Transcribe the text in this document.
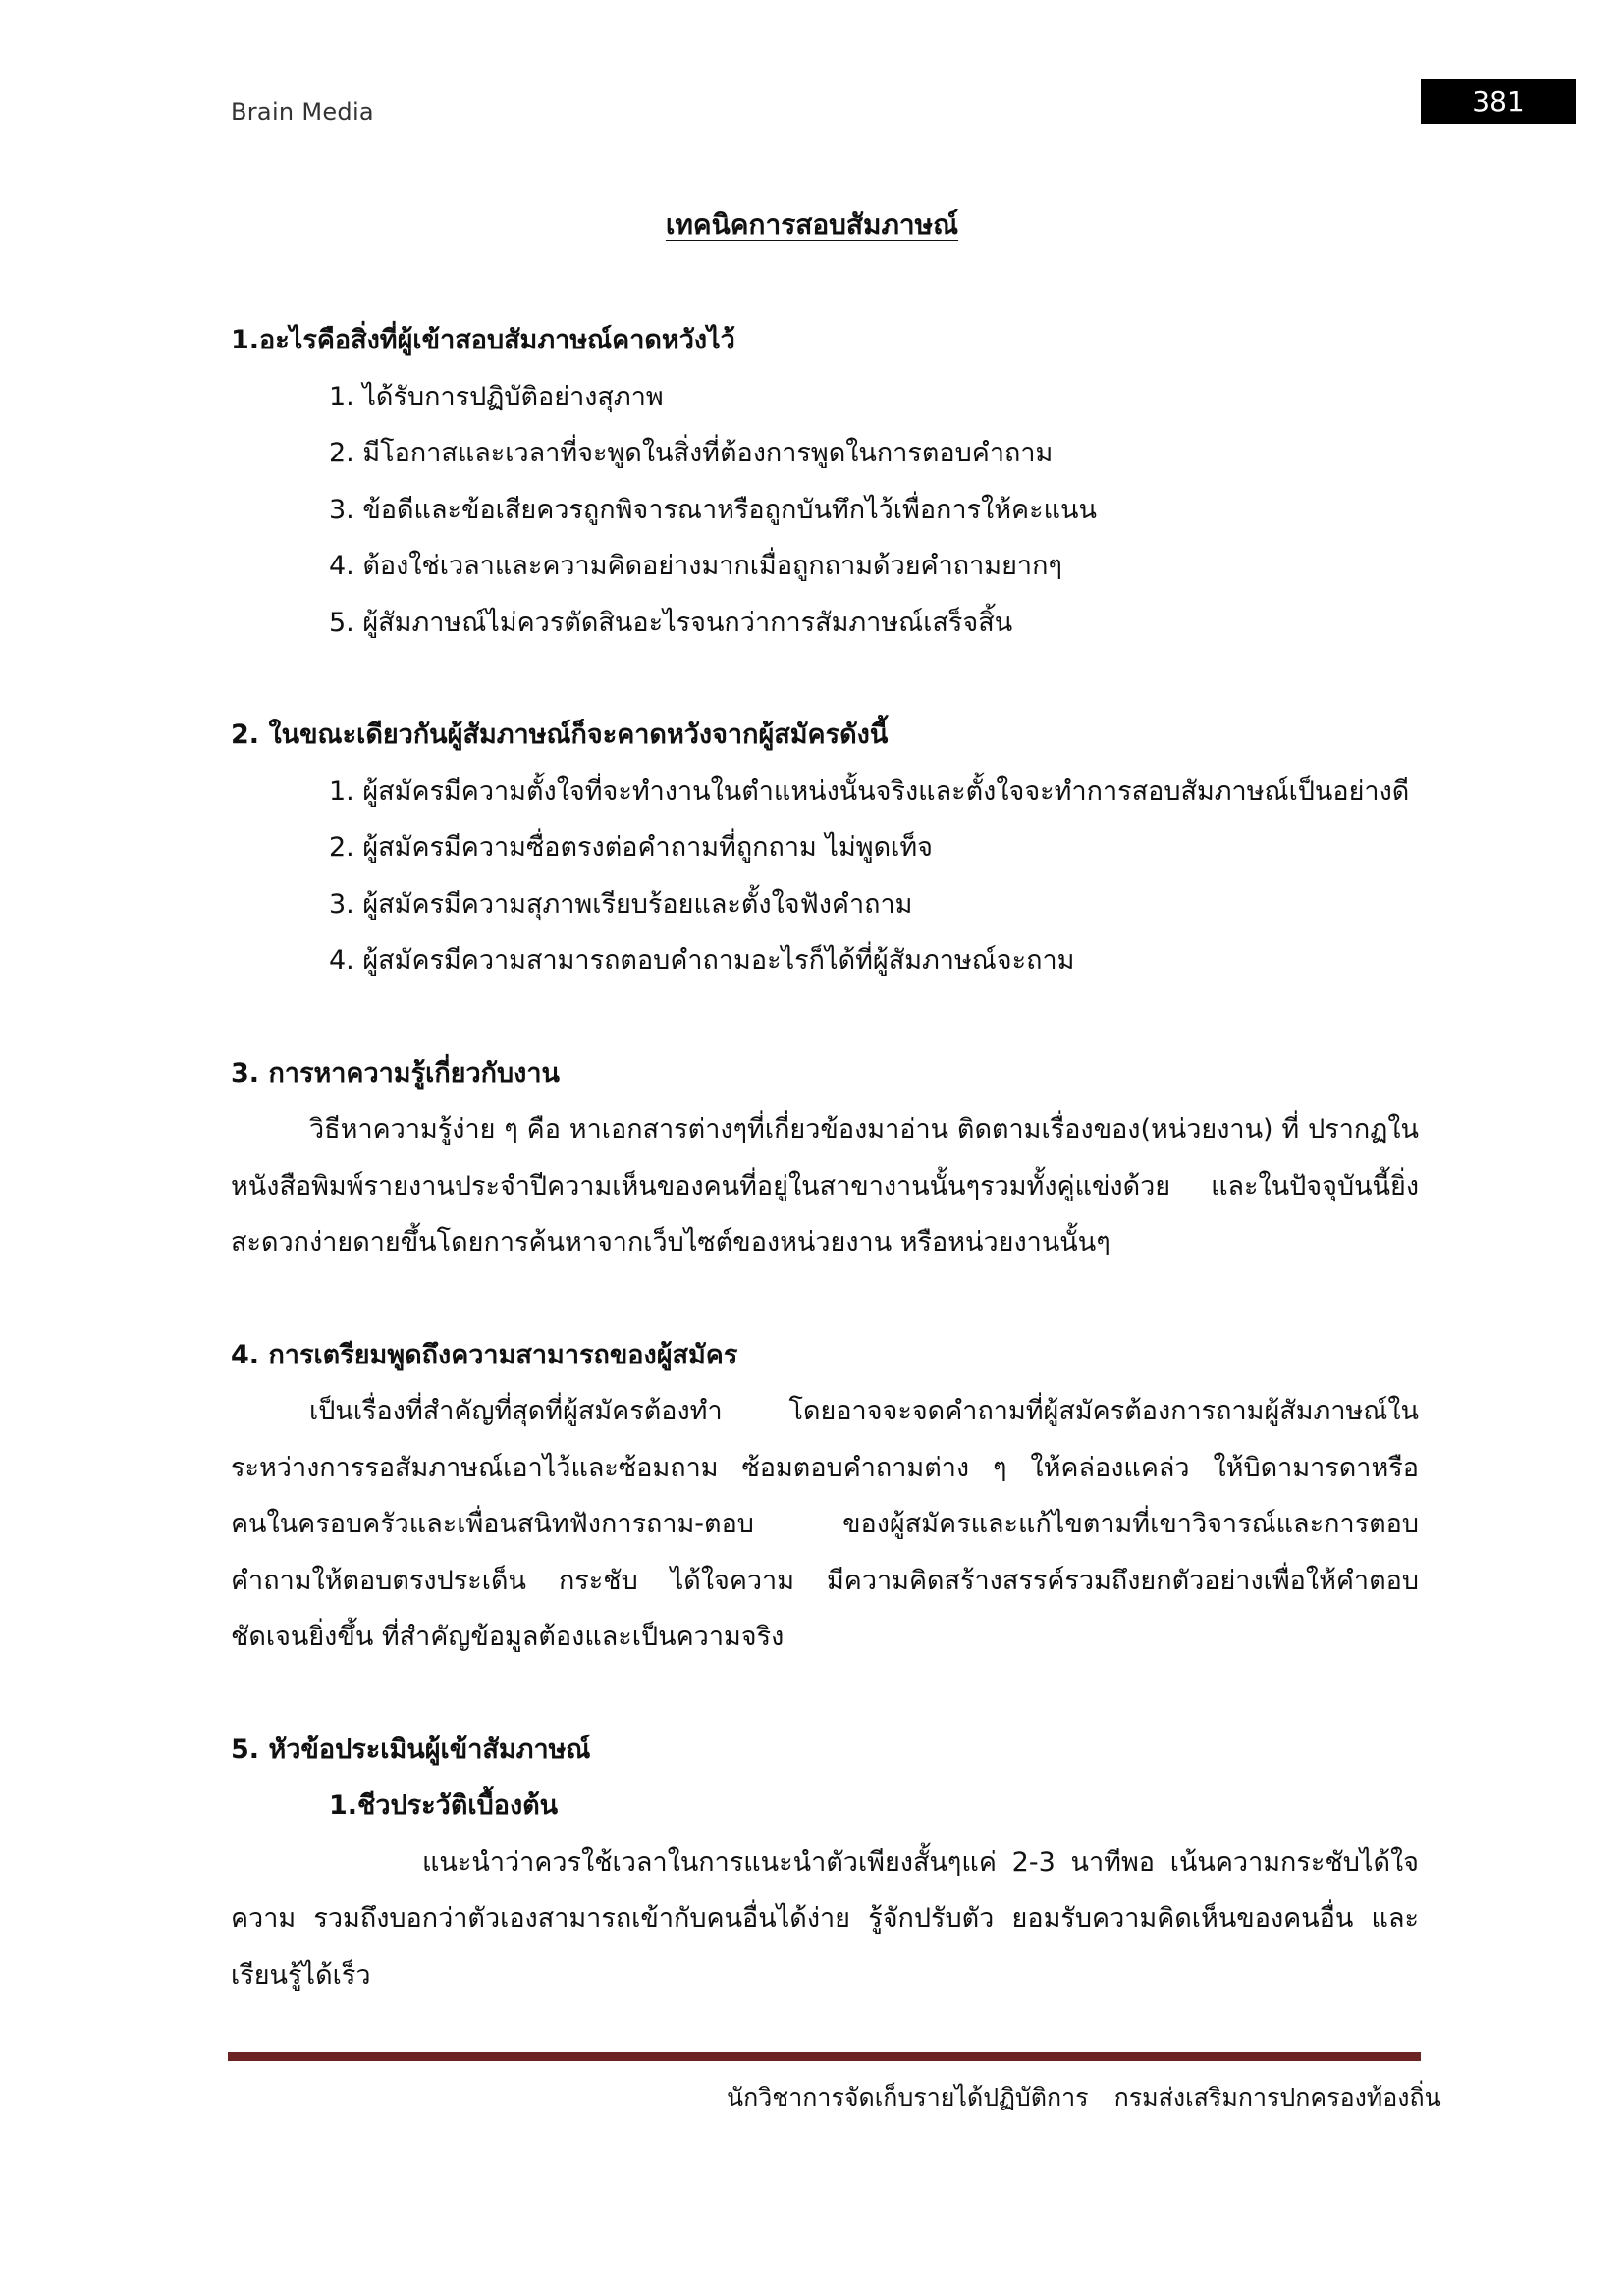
Brain Media	381
เทคนิคการสอบสัมภาษณ์
1.อะไรคือสิ่งที่ผู้เข้าสอบสัมภาษณ์คาดหวังไว้
1. ได้รับการปฏิบัติอย่างสุภาพ
2. มีโอกาสและเวลาที่จะพูดในสิ่งที่ต้องการพูดในการตอบคำถาม
3. ข้อดีและข้อเสียควรถูกพิจารณาหรือถูกบันทึกไว้เพื่อการให้คะแนน
4. ต้องใช่เวลาและความคิดอย่างมากเมื่อถูกถามด้วยคำถามยากๆ
5. ผู้สัมภาษณ์ไม่ควรตัดสินอะไรจนกว่าการสัมภาษณ์เสร็จสิ้น
2. ในขณะเดียวกันผู้สัมภาษณ์ก็จะคาดหวังจากผู้สมัครดังนี้
1. ผู้สมัครมีความตั้งใจที่จะทำงานในตำแหน่งนั้นจริงและตั้งใจจะทำการสอบสัมภาษณ์เป็นอย่างดี
2. ผู้สมัครมีความซื่อตรงต่อคำถามที่ถูกถาม ไม่พูดเท็จ
3. ผู้สมัครมีความสุภาพเรียบร้อยและตั้งใจฟังคำถาม
4. ผู้สมัครมีความสามารถตอบคำถามอะไรก็ได้ที่ผู้สัมภาษณ์จะถาม
3. การหาความรู้เกี่ยวกับงาน
วิธีหาความรู้ง่าย ๆ คือ หาเอกสารต่างๆที่เกี่ยวข้องมาอ่าน ติดตามเรื่องของ(หน่วยงาน) ที่ ปรากฏในหนังสือพิมพ์รายงานประจำปีความเห็นของคนที่อยู่ในสาขางานนั้นๆรวมทั้งคู่แข่งด้วย และในปัจจุบันนี้ยิ่งสะดวกง่ายดายขึ้นโดยการค้นหาจากเว็บไซต์ของหน่วยงาน หรือหน่วยงานนั้นๆ
4. การเตรียมพูดถึงความสามารถของผู้สมัคร
เป็นเรื่องที่สำคัญที่สุดที่ผู้สมัครต้องทำ โดยอาจจะจดคำถามที่ผู้สมัครต้องการถามผู้สัมภาษณ์ในระหว่างการรอสัมภาษณ์เอาไว้และซ้อมถาม ซ้อมตอบคำถามต่าง ๆ ให้คล่องแคล่ว ให้บิดามารดาหรือคนในครอบครัวและเพื่อนสนิทฟังการถาม-ตอบ ของผู้สมัครและแก้ไขตามที่เขาวิจารณ์และการตอบคำถามให้ตอบตรงประเด็น กระชับ ได้ใจความ มีความคิดสร้างสรรค์รวมถึงยกตัวอย่างเพื่อให้คำตอบชัดเจนยิ่งขึ้น ที่สำคัญข้อมูลต้องและเป็นความจริง
5. หัวข้อประเมินผู้เข้าสัมภาษณ์
1.ชีวประวัติเบื้องต้น
แนะนำว่าควรใช้เวลาในการแนะนำตัวเพียงสั้นๆแค่ 2-3 นาทีพอ เน้นความกระชับได้ใจความ รวมถึงบอกว่าตัวเองสามารถเข้ากับคนอื่นได้ง่าย รู้จักปรับตัว ยอมรับความคิดเห็นของคนอื่น และเรียนรู้ได้เร็ว
นักวิชาการจัดเก็บรายได้ปฏิบัติการ กรมส่งเสริมการปกครองท้องถิ่น
